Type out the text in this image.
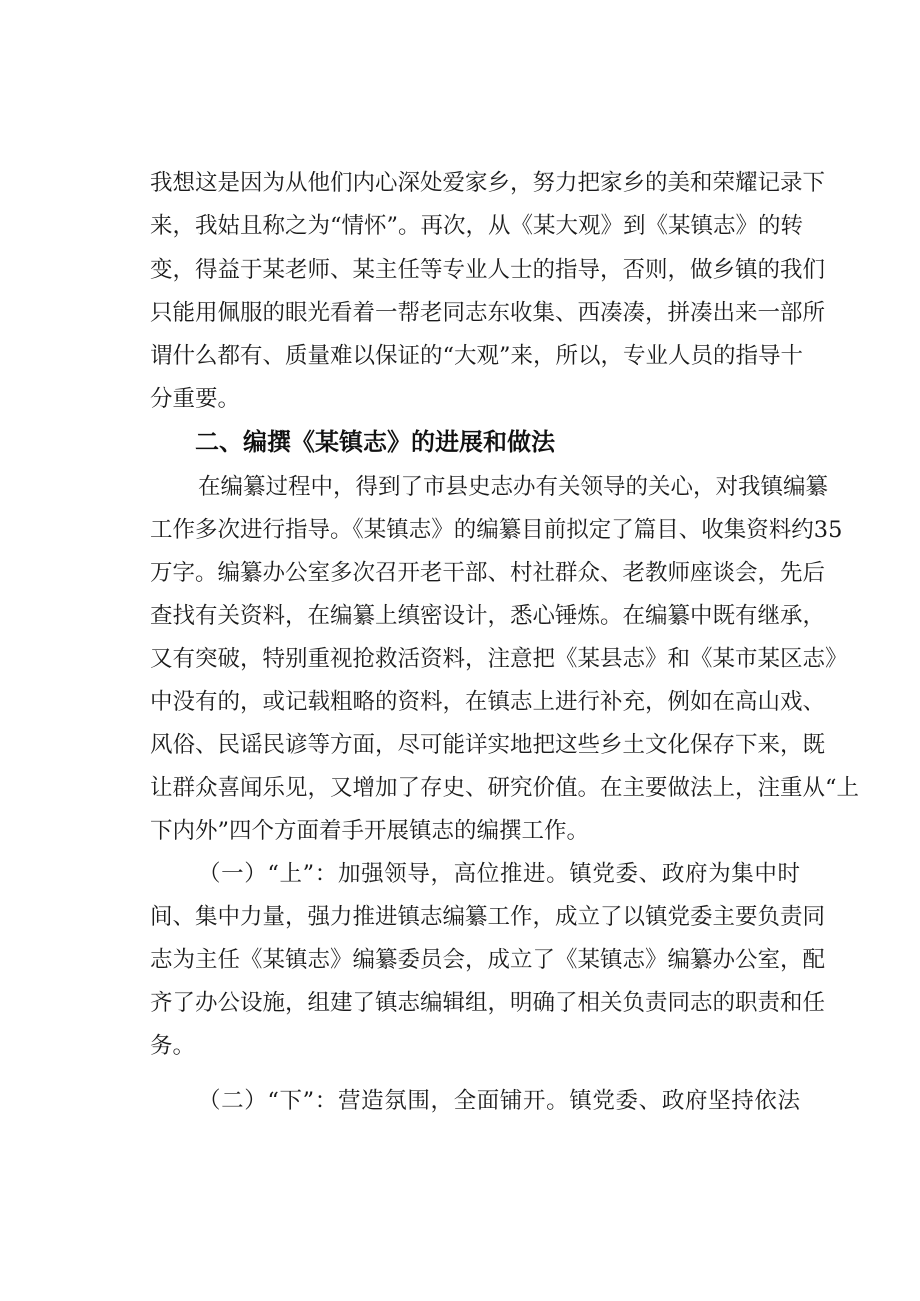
我想这是因为从他们内心深处爱家乡，努力把家乡的美和荣耀记录下

来，我姑且称之为“情怀”。再次，从《某大观》到《某镇志》的转

变，得益于某老师、某主任等专业人士的指导，否则，做乡镇的我们

只能用佩服的眼光看着一帮老同志东收集、西凑凑，拼凑出来一部所

谓什么都有、质量难以保证的“大观”来，所以，专业人员的指导十

分重要。

二、编撰《某镇志》的进展和做法

在编纂过程中，得到了市县史志办有关领导的关心，对我镇编纂

工作多次进行指导。《某镇志》的编纂目前拟定了篇目、收集资料约35

万字。编纂办公室多次召开老干部、村社群众、老教师座谈会，先后

查找有关资料，在编纂上缜密设计，悉心锤炼。在编纂中既有继承，

又有突破，特别重视抢救活资料，注意把《某县志》和《某市某区志》

中没有的，或记载粗略的资料，在镇志上进行补充，例如在高山戏、

风俗、民谣民谚等方面，尽可能详实地把这些乡土文化保存下来，既

让群众喜闻乐见，又增加了存史、研究价值。在主要做法上，注重从“上

下内外”四个方面着手开展镇志的编撰工作。

（一）“上”：加强领导，高位推进。镇党委、政府为集中时

间、集中力量，强力推进镇志编纂工作，成立了以镇党委主要负责同

志为主任《某镇志》编纂委员会，成立了《某镇志》编纂办公室，配

齐了办公设施，组建了镇志编辑组，明确了相关负责同志的职责和任

务。

（二）“下”：营造氛围，全面铺开。镇党委、政府坚持依法
